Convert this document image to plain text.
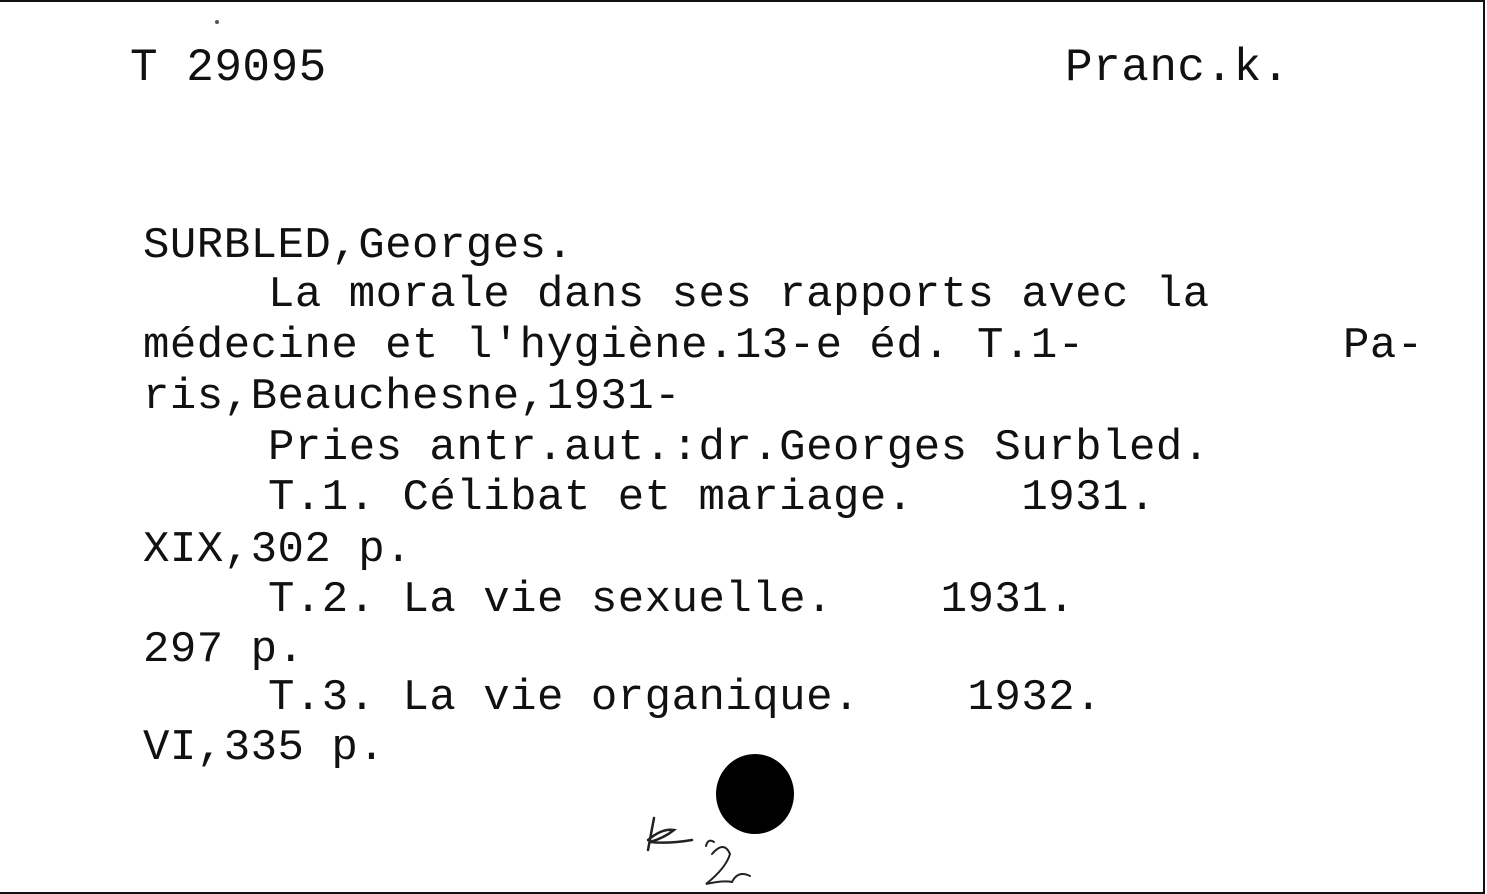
T 29095	Pranc.k.
SURBLED,Georges.
La morale dans ses rapports avec la
médecine et l'hygiène.13-e éd. T.1-	Pa-
ris,Beauchesne,1931-
Pries antr.aut.:dr.Georges Surbled.
T.1. Célibat et mariage.    1931.
XIX,302 p.
T.2. La vie sexuelle.    1931.
297 p.
T.3. La vie organique.    1932.
VI,335 p.
